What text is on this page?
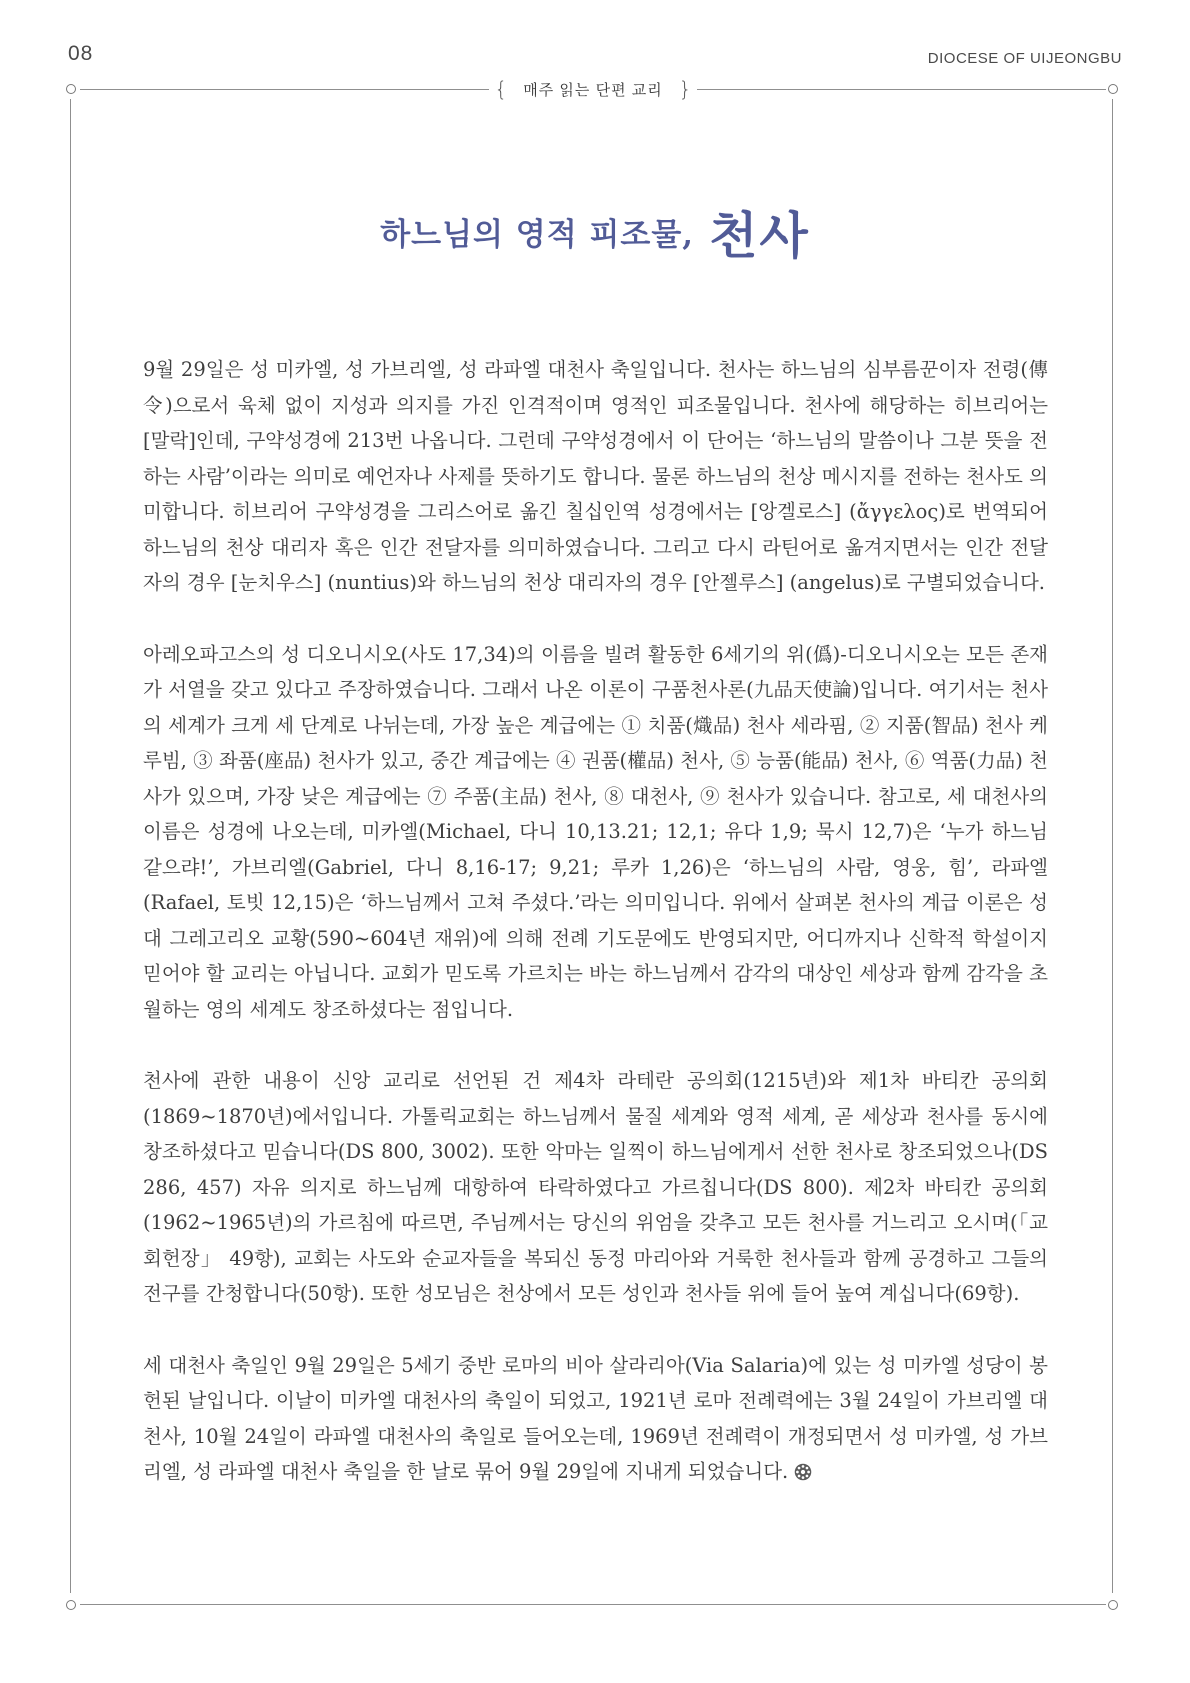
08	DIOCESE OF UIJEONGBU
{	매주 읽는 단편 교리 }
하느님의 영적 피조물, 천사

9월 29일은 성 미카엘, 성 가브리엘, 성 라파엘 대천사 축일입니다. 천사는 하느님의 심부름꾼이자 전령(傳令)으로서 육체 없이 지성과 의지를 가진 인격적이며 영적인 피조물입니다. 천사에 해당하는 히브리어는 [말락]인데, 구약성경에 213번 나옵니다. 그런데 구약성경에서 이 단어는 ‘하느님의 말씀이나 그분 뜻을 전하는 사람’이라는 의미로 예언자나 사제를 뜻하기도 합니다. 물론 하느님의 천상 메시지를 전하는 천사도 의미합니다. 히브리어 구약성경을 그리스어로 옮긴 칠십인역 성경에서는 [앙겔로스] (ἄγγελος)로 번역되어 하느님의 천상 대리자 혹은 인간 전달자를 의미하였습니다. 그리고 다시 라틴어로 옮겨지면서는 인간 전달자의 경우 [눈치우스] (nuntius)와 하느님의 천상 대리자의 경우 [안젤루스] (angelus)로 구별되었습니다.

아레오파고스의 성 디오니시오(사도 17,34)의 이름을 빌려 활동한 6세기의 위(僞)-디오니시오는 모든 존재가 서열을 갖고 있다고 주장하였습니다. 그래서 나온 이론이 구품천사론(九品天使論)입니다. 여기서는 천사의 세계가 크게 세 단계로 나뉘는데, 가장 높은 계급에는 ① 치품(熾品) 천사 세라핌, ② 지품(智品) 천사 케루빔, ③ 좌품(座品) 천사가 있고, 중간 계급에는 ④ 권품(權品) 천사, ⑤ 능품(能品) 천사, ⑥ 역품(力品) 천사가 있으며, 가장 낮은 계급에는 ⑦ 주품(主品) 천사, ⑧ 대천사, ⑨ 천사가 있습니다. 참고로, 세 대천사의 이름은 성경에 나오는데, 미카엘(Michael, 다니 10,13.21; 12,1; 유다 1,9; 묵시 12,7)은 ‘누가 하느님 같으랴!’, 가브리엘(Gabriel, 다니 8,16-17; 9,21; 루카 1,26)은 ‘하느님의 사람, 영웅, 힘’, 라파엘(Rafael, 토빗 12,15)은 ‘하느님께서 고쳐 주셨다.’라는 의미입니다. 위에서 살펴본 천사의 계급 이론은 성 대 그레고리오 교황(590~604년 재위)에 의해 전례 기도문에도 반영되지만, 어디까지나 신학적 학설이지 믿어야 할 교리는 아닙니다. 교회가 믿도록 가르치는 바는 하느님께서 감각의 대상인 세상과 함께 감각을 초월하는 영의 세계도 창조하셨다는 점입니다.

천사에 관한 내용이 신앙 교리로 선언된 건 제4차 라테란 공의회(1215년)와 제1차 바티칸 공의회(1869~1870년)에서입니다. 가톨릭교회는 하느님께서 물질 세계와 영적 세계, 곧 세상과 천사를 동시에 창조하셨다고 믿습니다(DS 800, 3002). 또한 악마는 일찍이 하느님에게서 선한 천사로 창조되었으나(DS 286, 457) 자유 의지로 하느님께 대항하여 타락하였다고 가르칩니다(DS 800). 제2차 바티칸 공의회(1962~1965년)의 가르침에 따르면, 주님께서는 당신의 위엄을 갖추고 모든 천사를 거느리고 오시며(「교회헌장」 49항), 교회는 사도와 순교자들을 복되신 동정 마리아와 거룩한 천사들과 함께 공경하고 그들의 전구를 간청합니다(50항). 또한 성모님은 천상에서 모든 성인과 천사들 위에 들어 높여 계십니다(69항).

세 대천사 축일인 9월 29일은 5세기 중반 로마의 비아 살라리아(Via Salaria)에 있는 성 미카엘 성당이 봉헌된 날입니다. 이날이 미카엘 대천사의 축일이 되었고, 1921년 로마 전례력에는 3월 24일이 가브리엘 대천사, 10월 24일이 라파엘 대천사의 축일로 들어오는데, 1969년 전례력이 개정되면서 성 미카엘, 성 가브리엘, 성 라파엘 대천사 축일을 한 날로 묶어 9월 29일에 지내게 되었습니다.
